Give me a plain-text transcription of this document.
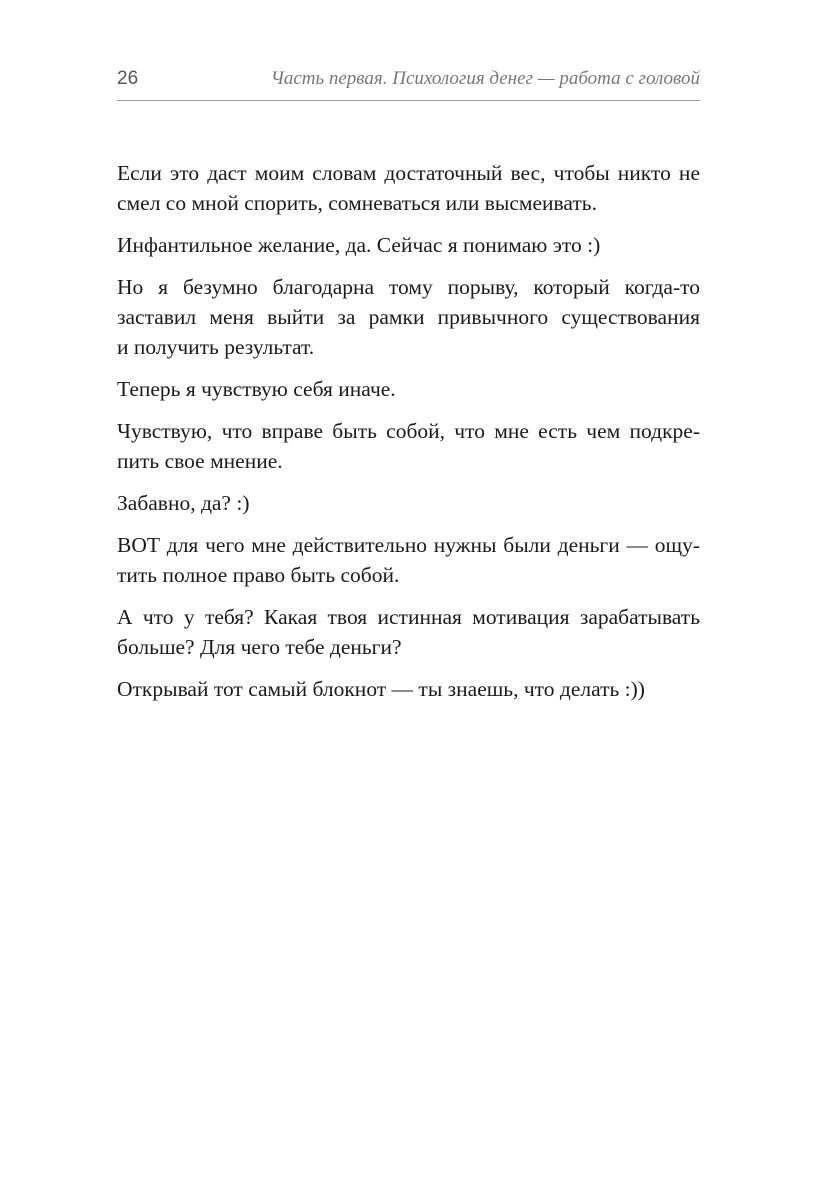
26	Часть первая. Психология денег — работа с головой
Если это даст моим словам достаточный вес, чтобы никто не
смел со мной спорить, сомневаться или высмеивать.
Инфантильное желание, да. Сейчас я понимаю это :)
Но я безумно благодарна тому порыву, который когда-то
заставил меня выйти за рамки привычного существования
и получить результат.
Теперь я чувствую себя иначе.
Чувствую, что вправе быть собой, что мне есть чем подкре-
пить свое мнение.
Забавно, да? :)
ВОТ для чего мне действительно нужны были деньги — ощу-
тить полное право быть собой.
А что у тебя? Какая твоя истинная мотивация зарабатывать
больше? Для чего тебе деньги?
Открывай тот самый блокнот — ты знаешь, что делать :))
